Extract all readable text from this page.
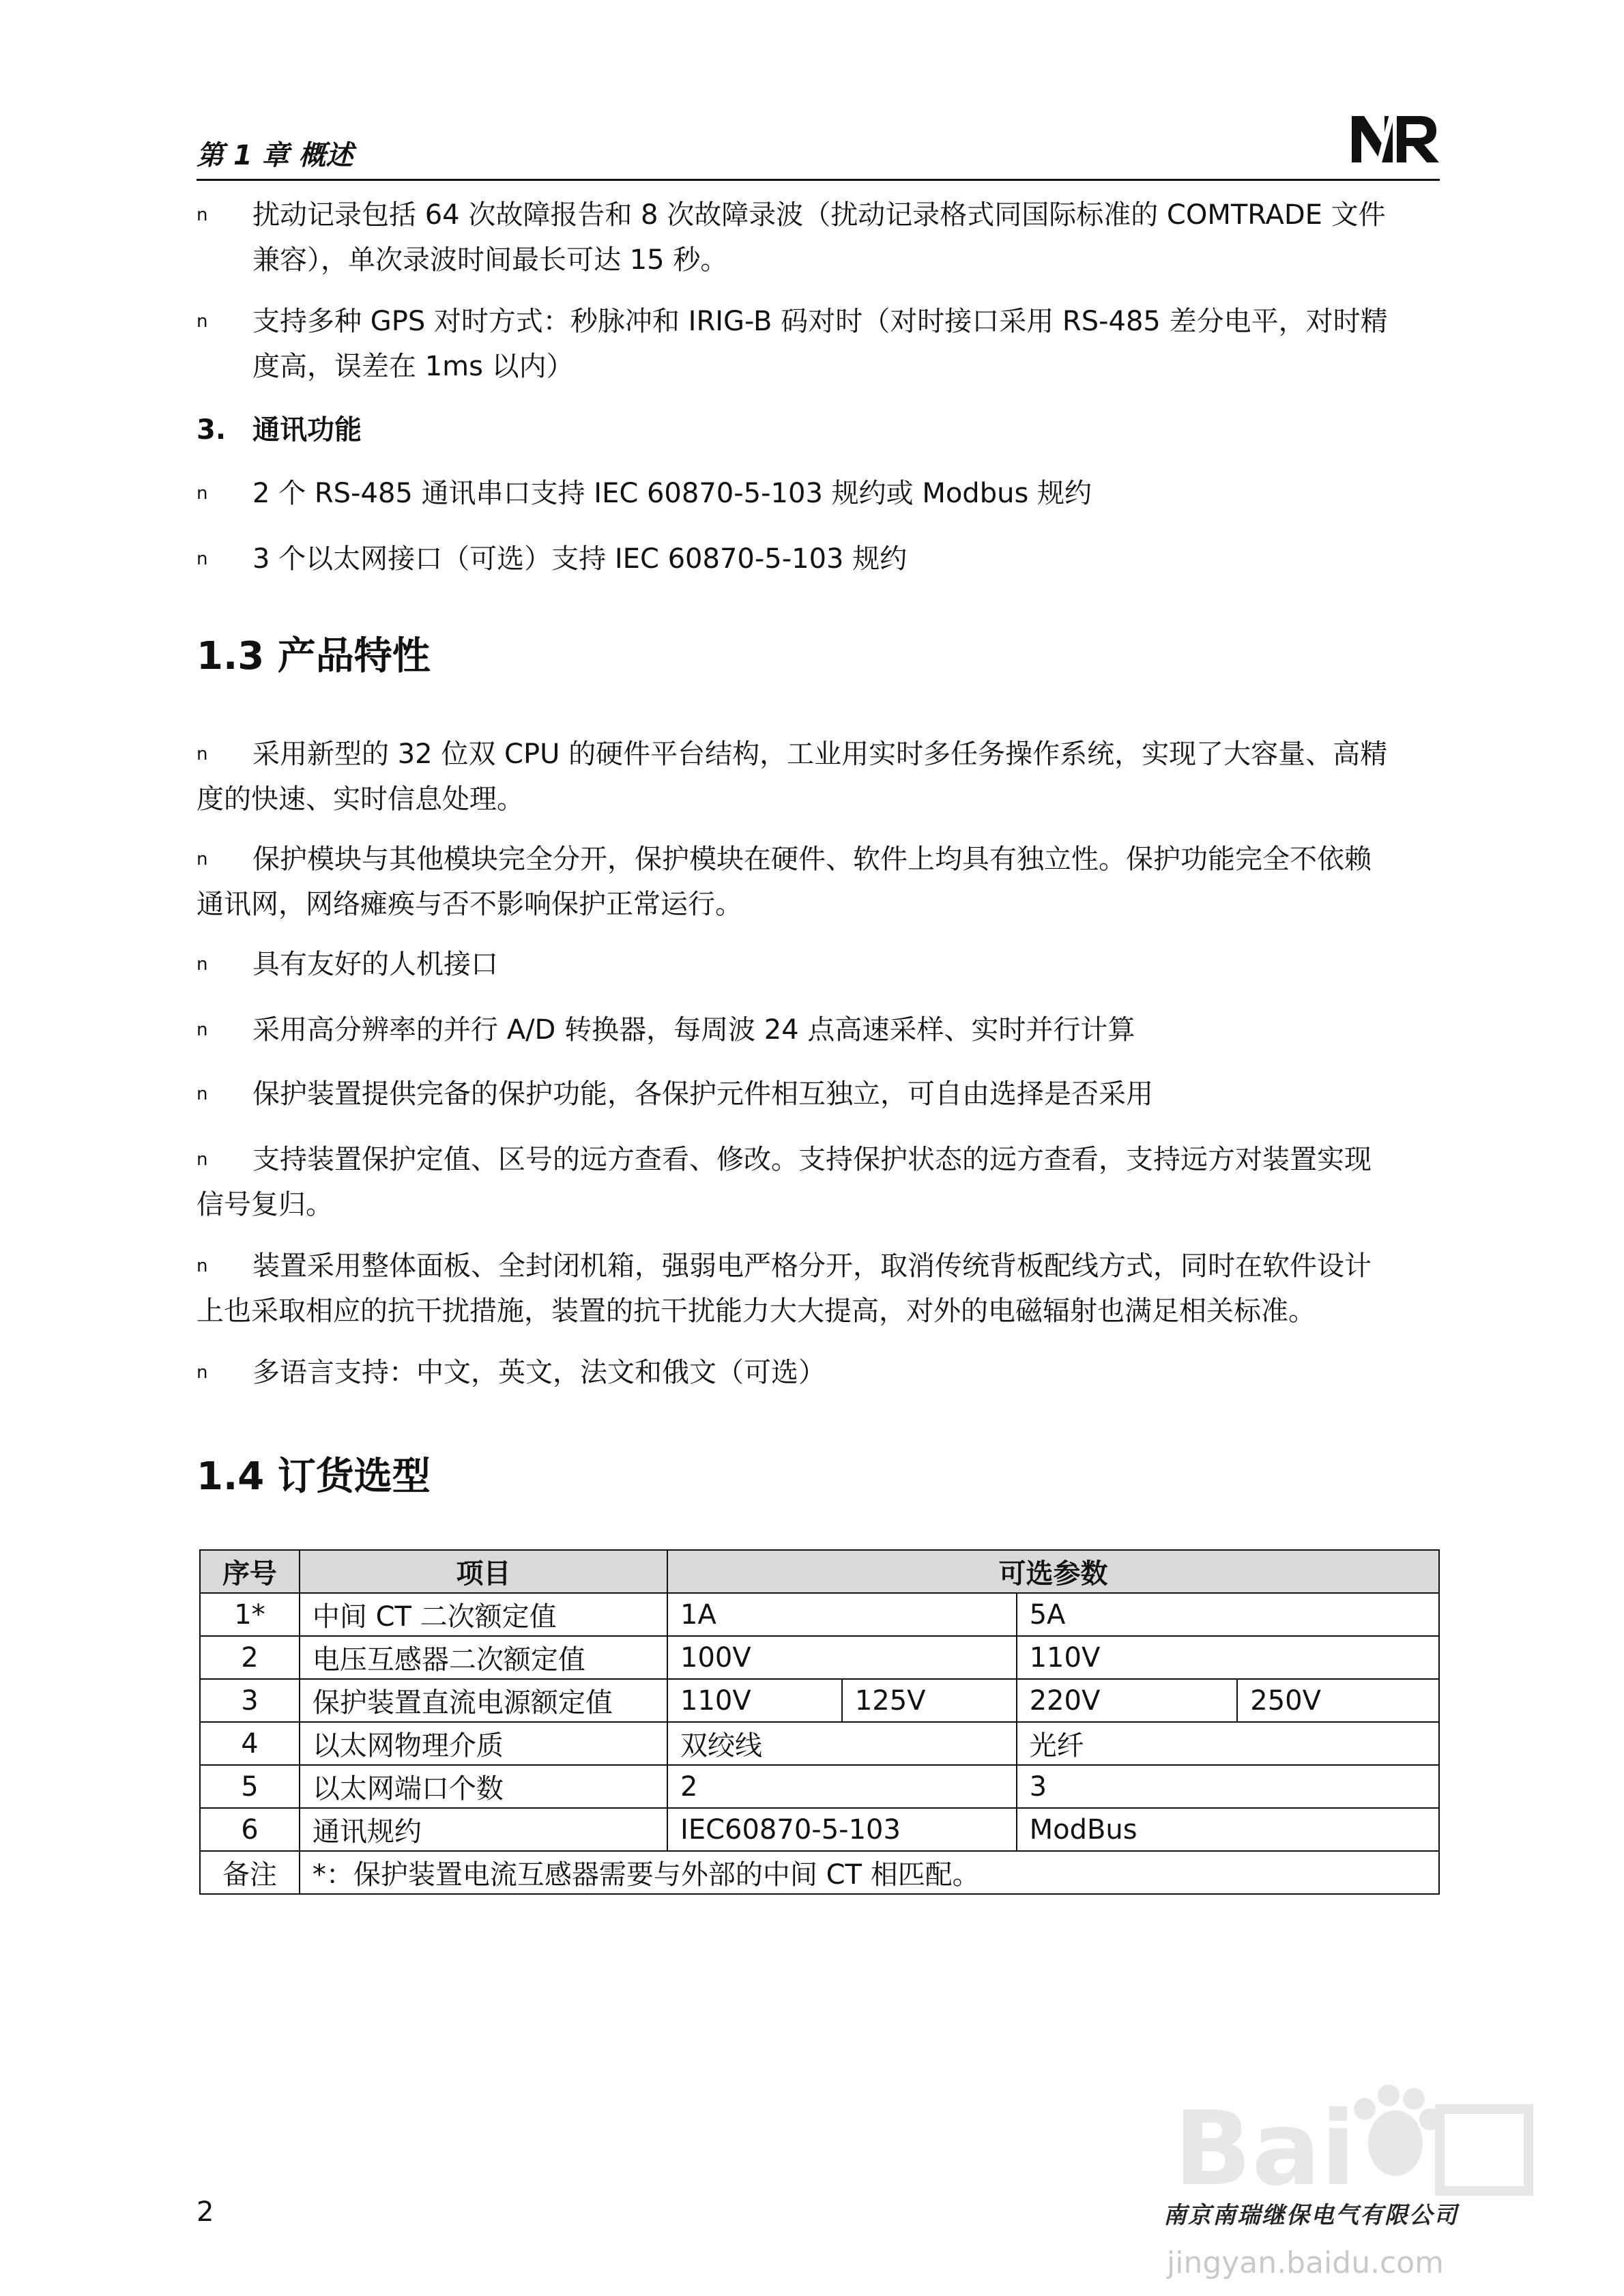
第 1 章 概述
n 扰动记录包括 64 次故障报告和 8 次故障录波（扰动记录格式同国际标准的 COMTRADE 文件
兼容），单次录波时间最长可达 15 秒。
n 支持多种 GPS 对时方式：秒脉冲和 IRIG-B 码对时（对时接口采用 RS-485 差分电平，对时精
度高，误差在 1ms 以内）
3. 通讯功能
n 2 个 RS-485 通讯串口支持 IEC 60870-5-103 规约或 Modbus 规约
n 3 个以太网接口（可选）支持 IEC 60870-5-103 规约
1.3 产品特性
n	采用新型的 32 位双 CPU 的硬件平台结构，工业用实时多任务操作系统，实现了大容量、高精
度的快速、实时信息处理。
n	保护模块与其他模块完全分开，保护模块在硬件、软件上均具有独立性。保护功能完全不依赖
通讯网，网络瘫痪与否不影响保护正常运行。
n 具有友好的人机接口
n 采用高分辨率的并行 A/D 转换器，每周波 24 点高速采样、实时并行计算
n 保护装置提供完备的保护功能，各保护元件相互独立，可自由选择是否采用
n	支持装置保护定值、区号的远方查看、修改。支持保护状态的远方查看，支持远方对装置实现
信号复归。
n	装置采用整体面板、全封闭机箱，强弱电严格分开，取消传统背板配线方式，同时在软件设计
上也采取相应的抗干扰措施，装置的抗干扰能力大大提高，对外的电磁辐射也满足相关标准。
n 多语言支持：中文，英文，法文和俄文（可选）
1.4 订货选型
序号	项目	可选参数			
1*	中间 CT 二次额定值	1A		5A	
2	电压互感器二次额定值	100V		110V	
3	保护装置直流电源额定值	110V	125V	220V	250V
4	以太网物理介质	双绞线		光纤	
5	以太网端口个数	2		3	
6	通讯规约	IEC60870-5-103		ModBus	
备注	*：保护装置电流互感器需要与外部的中间 CT 相匹配。				
Bai
jingyan.baidu.com
2	南京南瑞继保电气有限公司
